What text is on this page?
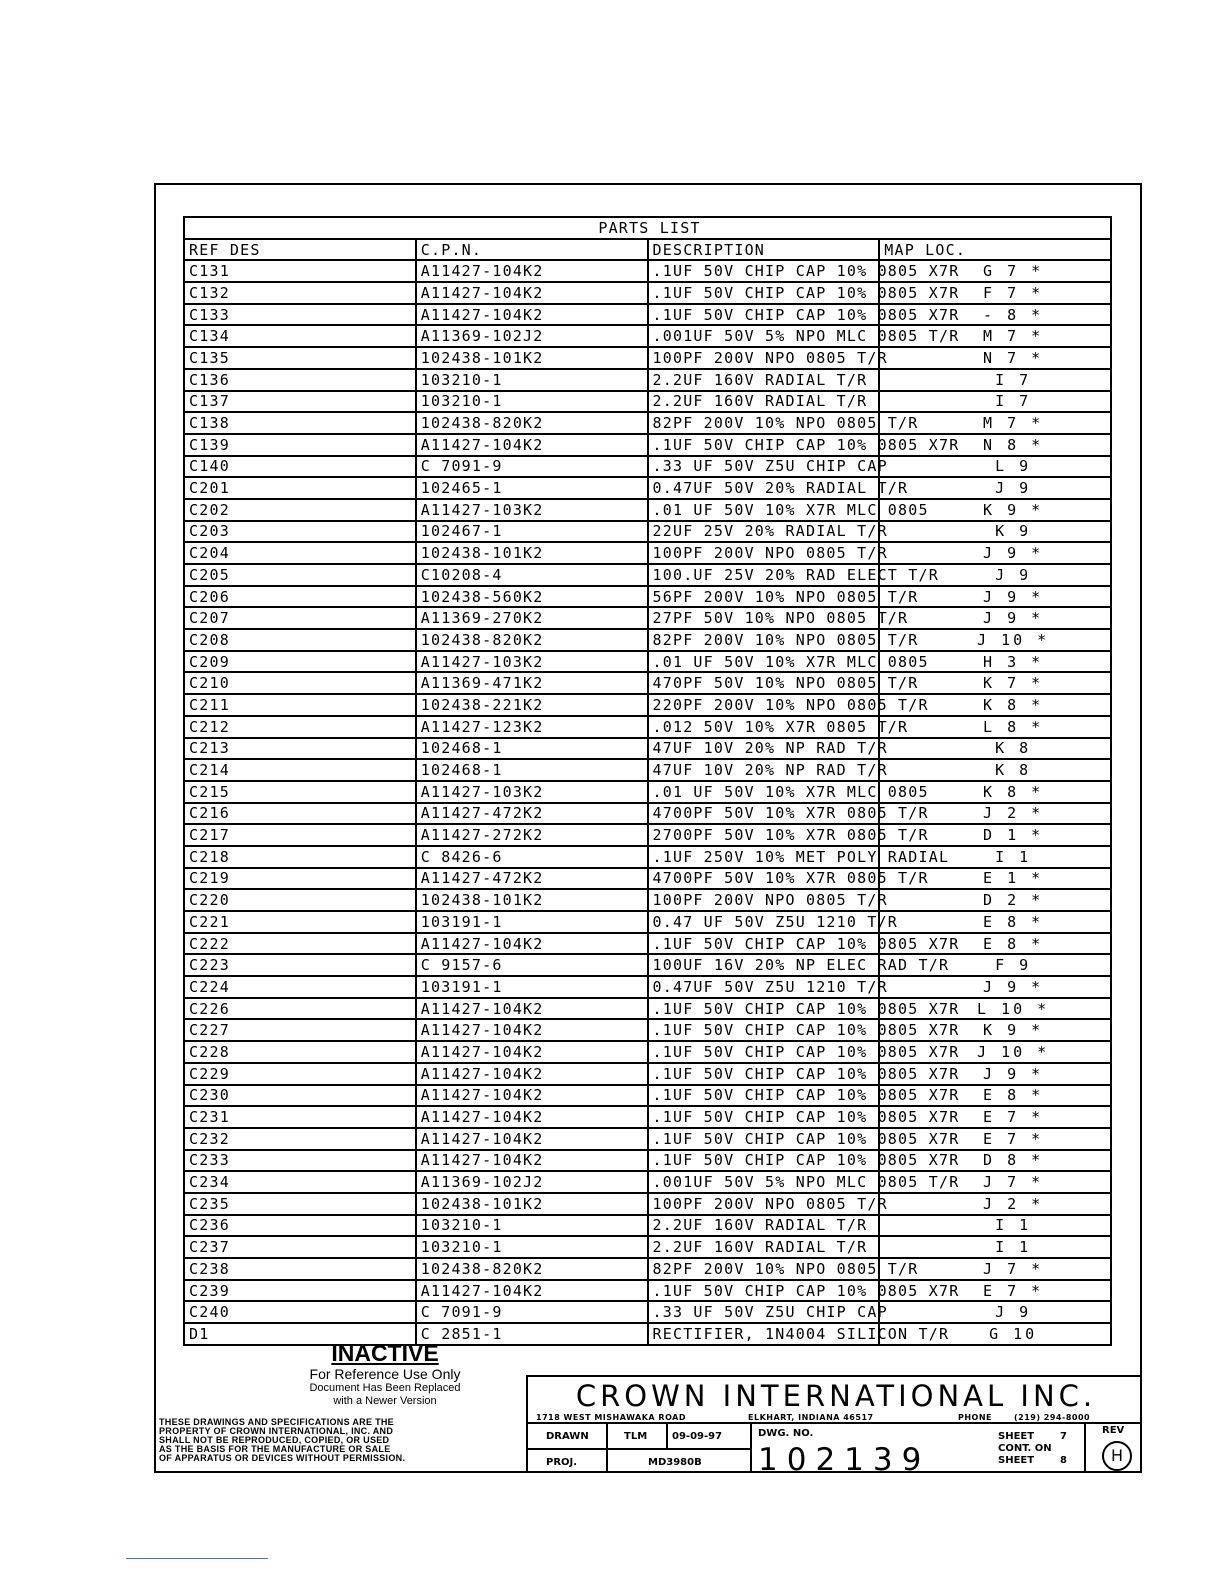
PARTS LIST			
REF DES	C.P.N.	DESCRIPTION	MAP LOC.
C131	A11427-104K2	.1UF 50V CHIP CAP 10% 0805 X7R	G 7 *
C132	A11427-104K2	.1UF 50V CHIP CAP 10% 0805 X7R	F 7 *
C133	A11427-104K2	.1UF 50V CHIP CAP 10% 0805 X7R	- 8 *
C134	A11369-102J2	.001UF 50V 5% NPO MLC 0805 T/R	M 7 *
C135	102438-101K2	100PF 200V NPO 0805 T/R	N 7 *
C136	103210-1	2.2UF 160V RADIAL T/R	I 7
C137	103210-1	2.2UF 160V RADIAL T/R	I 7
C138	102438-820K2	82PF 200V 10% NPO 0805 T/R	M 7 *
C139	A11427-104K2	.1UF 50V CHIP CAP 10% 0805 X7R	N 8 *
C140	C 7091-9	.33 UF 50V Z5U CHIP CAP	L 9
C201	102465-1	0.47UF 50V 20% RADIAL T/R	J 9
C202	A11427-103K2	.01 UF 50V 10% X7R MLC 0805	K 9 *
C203	102467-1	22UF 25V 20% RADIAL T/R	K 9
C204	102438-101K2	100PF 200V NPO 0805 T/R	J 9 *
C205	C10208-4	100.UF 25V 20% RAD ELECT T/R	J 9
C206	102438-560K2	56PF 200V 10% NPO 0805 T/R	J 9 *
C207	A11369-270K2	27PF 50V 10% NPO 0805 T/R	J 9 *
C208	102438-820K2	82PF 200V 10% NPO 0805 T/R	J 10 *
C209	A11427-103K2	.01 UF 50V 10% X7R MLC 0805	H 3 *
C210	A11369-471K2	470PF 50V 10% NPO 0805 T/R	K 7 *
C211	102438-221K2	220PF 200V 10% NPO 0805 T/R	K 8 *
C212	A11427-123K2	.012 50V 10% X7R 0805 T/R	L 8 *
C213	102468-1	47UF 10V 20% NP RAD T/R	K 8
C214	102468-1	47UF 10V 20% NP RAD T/R	K 8
C215	A11427-103K2	.01 UF 50V 10% X7R MLC 0805	K 8 *
C216	A11427-472K2	4700PF 50V 10% X7R 0805 T/R	J 2 *
C217	A11427-272K2	2700PF 50V 10% X7R 0805 T/R	D 1 *
C218	C 8426-6	.1UF 250V 10% MET POLY RADIAL	I 1
C219	A11427-472K2	4700PF 50V 10% X7R 0805 T/R	E 1 *
C220	102438-101K2	100PF 200V NPO 0805 T/R	D 2 *
C221	103191-1	0.47 UF 50V Z5U 1210 T/R	E 8 *
C222	A11427-104K2	.1UF 50V CHIP CAP 10% 0805 X7R	E 8 *
C223	C 9157-6	100UF 16V 20% NP ELEC RAD T/R	F 9
C224	103191-1	0.47UF 50V Z5U 1210 T/R	J 9 *
C226	A11427-104K2	.1UF 50V CHIP CAP 10% 0805 X7R	L 10 *
C227	A11427-104K2	.1UF 50V CHIP CAP 10% 0805 X7R	K 9 *
C228	A11427-104K2	.1UF 50V CHIP CAP 10% 0805 X7R	J 10 *
C229	A11427-104K2	.1UF 50V CHIP CAP 10% 0805 X7R	J 9 *
C230	A11427-104K2	.1UF 50V CHIP CAP 10% 0805 X7R	E 8 *
C231	A11427-104K2	.1UF 50V CHIP CAP 10% 0805 X7R	E 7 *
C232	A11427-104K2	.1UF 50V CHIP CAP 10% 0805 X7R	E 7 *
C233	A11427-104K2	.1UF 50V CHIP CAP 10% 0805 X7R	D 8 *
C234	A11369-102J2	.001UF 50V 5% NPO MLC 0805 T/R	J 7 *
C235	102438-101K2	100PF 200V NPO 0805 T/R	J 2 *
C236	103210-1	2.2UF 160V RADIAL T/R	I 1
C237	103210-1	2.2UF 160V RADIAL T/R	I 1
C238	102438-820K2	82PF 200V 10% NPO 0805 T/R	J 7 *
C239	A11427-104K2	.1UF 50V CHIP CAP 10% 0805 X7R	E 7 *
C240	C 7091-9	.33 UF 50V Z5U CHIP CAP	J 9
D1	C 2851-1	RECTIFIER, 1N4004 SILICON T/R	G 10
INACTIVE
For Reference Use Only
Document Has Been Replaced
with a Newer Version
THESE DRAWINGS AND SPECIFICATIONS ARE THE
PROPERTY OF CROWN INTERNATIONAL, INC. AND
SHALL NOT BE REPRODUCED, COPIED, OR USED
AS THE BASIS FOR THE MANUFACTURE OR SALE
OF APPARATUS OR DEVICES WITHOUT PERMISSION.
CROWN INTERNATIONAL INC.
1718 WEST MISHAWAKA ROAD	ELKHART, INDIANA 46517	PHONE	(219) 294-8000
DRAWN	TLM 09-09-97
PROJ.	MD3980B
DWG. NO.
102139
SHEET	7
CONT. ON
SHEET	8
REV
H
